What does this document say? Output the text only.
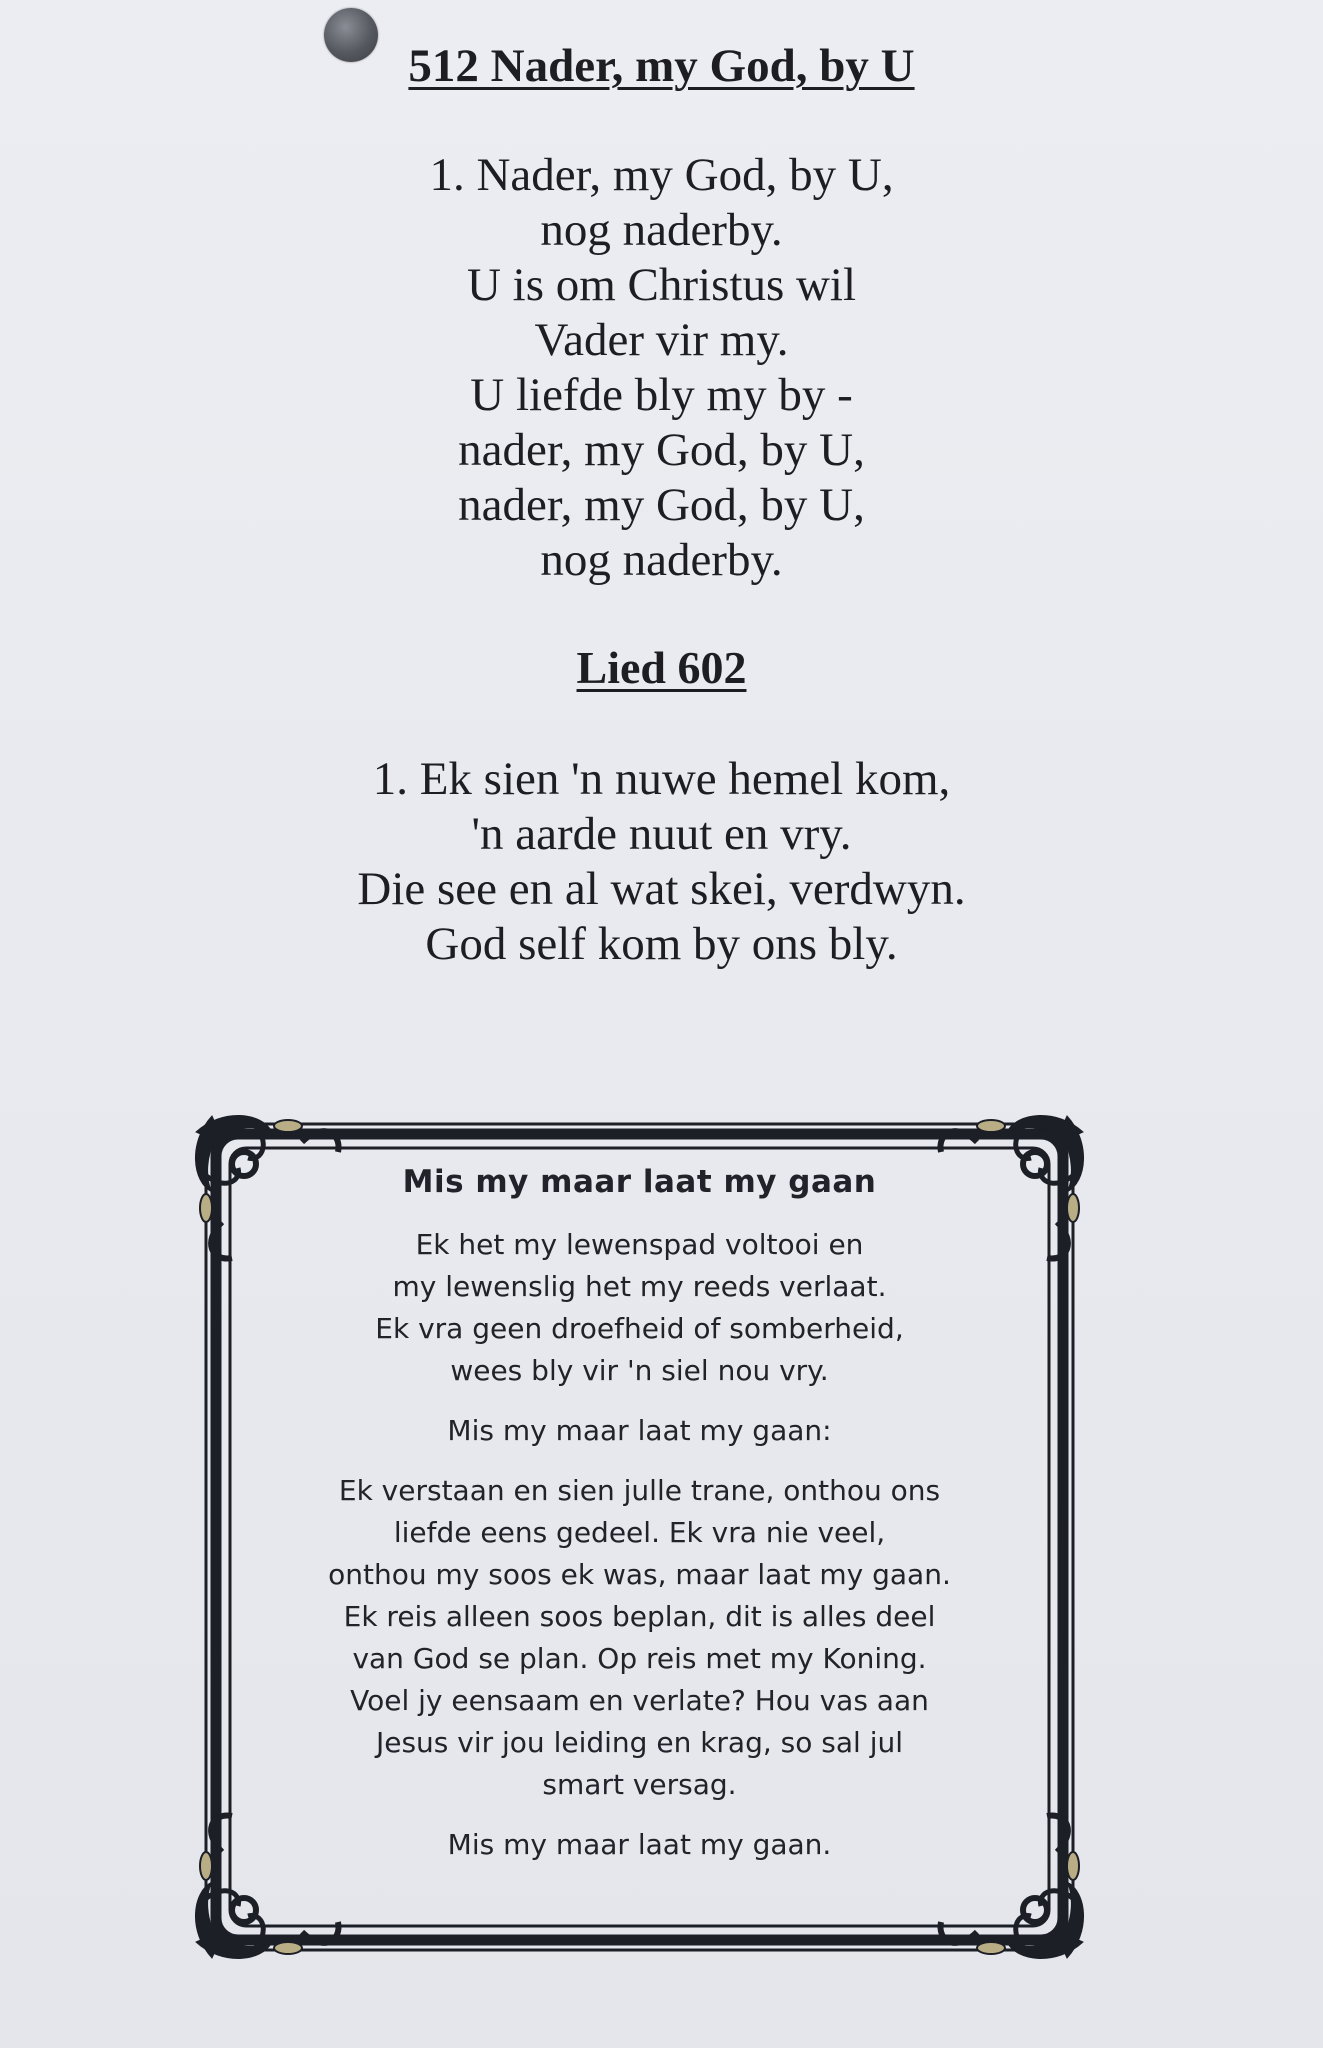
512 Nader, my God, by U
1. Nader, my God, by U,
nog naderby.
U is om Christus wil
Vader vir my.
U liefde bly my by -
nader, my God, by U,
nader, my God, by U,
nog naderby.
Lied 602
1. Ek sien 'n nuwe hemel kom,
'n aarde nuut en vry.
Die see en al wat skei, verdwyn.
God self kom by ons bly.
Mis my maar laat my gaan
Ek het my lewenspad voltooi en
my lewenslig het my reeds verlaat.
Ek vra geen droefheid of somberheid,
wees bly vir 'n siel nou vry.
Mis my maar laat my gaan:
Ek verstaan en sien julle trane, onthou ons
liefde eens gedeel. Ek vra nie veel,
onthou my soos ek was, maar laat my gaan.
Ek reis alleen soos beplan, dit is alles deel
van God se plan. Op reis met my Koning.
Voel jy eensaam en verlate? Hou vas aan
Jesus vir jou leiding en krag, so sal jul
smart versag.
Mis my maar laat my gaan.
